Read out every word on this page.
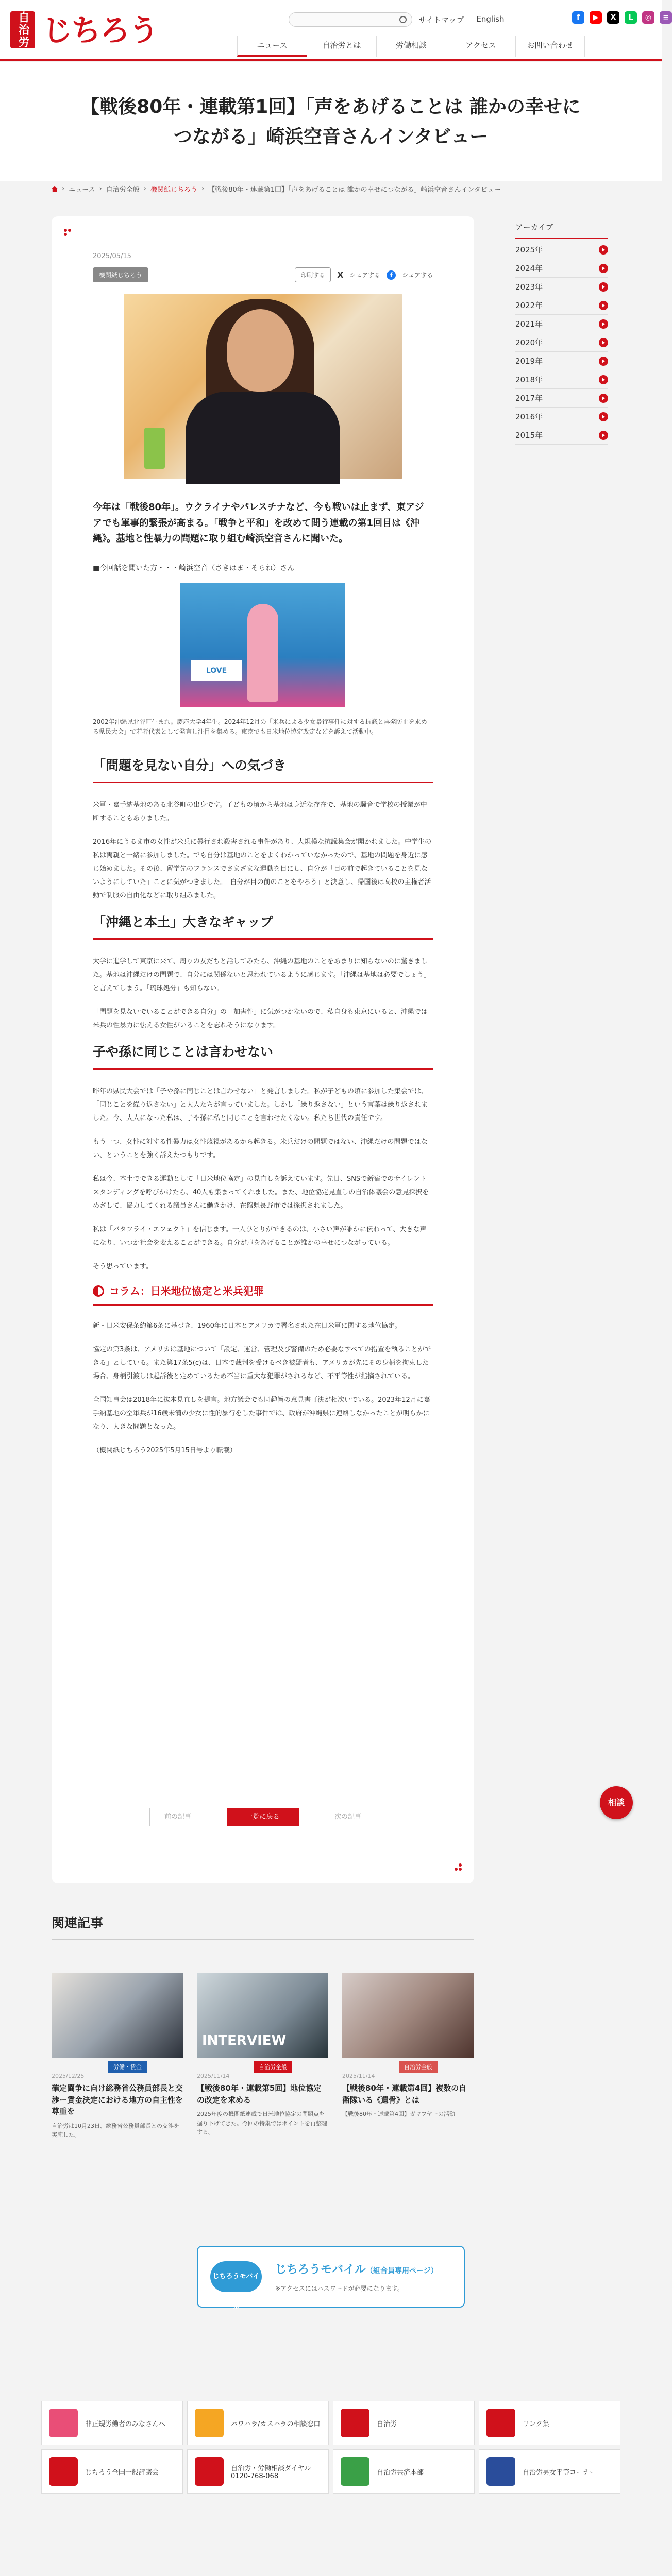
自治労 じちろう	サイトマップ English	f	▶	X	L	◎	≡
ニュース	自治労とは	労働相談	アクセス	お問い合わせ
【戦後80年・連載第1回】「声をあげることは 誰かの幸せにつながる」崎浜空音さんインタビュー
› ニュース › 自治労全般 › 機関紙じちろう › 【戦後80年・連載第1回】「声をあげることは 誰かの幸せにつながる」崎浜空音さんインタビュー
2025/05/15
機関紙じちろう	印刷する	X シェアする	f	シェアする

今年は「戦後80年」。ウクライナやパレスチナなど、今も戦いは止まず、東アジアでも軍事的緊張が高まる。「戦争と平和」を改めて問う連載の第1回目は《沖縄》。基地と性暴力の問題に取り組む崎浜空音さんに聞いた。

■今回話を聞いた方・・・崎浜空音（さきはま・そらね）さん

LOVE

2002年沖縄県北谷町生まれ。慶応大学4年生。2024年12月の「米兵による少女暴行事件に対する抗議と再発防止を求める県民大会」で若者代表として発言し注目を集める。東京でも日米地位協定改定などを訴えて活動中。

「問題を見ない自分」への気づき

米軍・嘉手納基地のある北谷町の出身です。子どもの頃から基地は身近な存在で、基地の騒音で学校の授業が中断することもありました。

2016年にうるま市の女性が米兵に暴行され殺害される事件があり、大規模な抗議集会が開かれました。中学生の私は両親と一緒に参加しました。でも自分は基地のことをよくわかっていなかったので、基地の問題を身近に感じ始めました。その後、留学先のフランスでさまざまな運動を目にし、自分が「目の前で起きていることを見ないようにしていた」ことに気がつきました。「自分が目の前のことをやろう」と決意し、帰国後は高校の主権者活動で制服の自由化などに取り組みました。

「沖縄と本土」大きなギャップ

大学に進学して東京に来て、周りの友だちと話してみたら、沖縄の基地のことをあまりに知らないのに驚きました。基地は沖縄だけの問題で、自分には関係ないと思われているように感じます。「沖縄は基地は必要でしょう」と言えてしまう。「琉球処分」も知らない。

「問題を見ないでいることができる自分」の「加害性」に気がつかないので、私自身も東京にいると、沖縄では米兵の性暴力に怯える女性がいることを忘れそうになります。

子や孫に同じことは言わせない

昨年の県民大会では「子や孫に同じことは言わせない」と発言しました。私が子どもの頃に参加した集会では、「同じことを繰り返さない」と大人たちが言っていました。しかし「繰り返さない」という言葉は繰り返されました。今、大人になった私は、子や孫に私と同じことを言わせたくない。私たち世代の責任です。

もう一つ、女性に対する性暴力は女性蔑視があるから起きる。米兵だけの問題ではない、沖縄だけの問題ではない、ということを強く訴えたつもりです。

私は今、本土でできる運動として「日米地位協定」の見直しを訴えています。先日、SNSで新宿でのサイレントスタンディングを呼びかけたら、40人も集まってくれました。また、地位協定見直しの自治体議会の意見採択をめざして、協力してくれる議員さんに働きかけ、在館県長野市では採択されました。

私は「バタフライ・エフェクト」を信じます。一人ひとりができるのは、小さい声が誰かに伝わって、大きな声になり、いつか社会を変えることができる。自分が声をあげることが誰かの幸せにつながっている。

そう思っています。

コラム：日米地位協定と米兵犯罪

新・日米安保条約第6条に基づき、1960年に日本とアメリカで署名された在日米軍に関する地位協定。

協定の第3条は、アメリカは基地について「設定、運営、管理及び警備のため必要なすべての措置を執ることができる」としている。また第17条5(c)は、日本で裁判を受けるべき被疑者も、アメリカが先にその身柄を拘束した場合、身柄引渡しは起訴後と定めているため不当に重大な犯罪がされるなど、不平等性が指摘されている。

全国知事会は2018年に抜本見直しを提言。地方議会でも同趣旨の意見書可決が相次いでいる。2023年12月に嘉手納基地の空軍兵が16歳未満の少女に性的暴行をした事件では、政府が沖縄県に連絡しなかったことが明らかになり、大きな問題となった。

（機関紙じちろう2025年5月15日号より転載）

前の記事	一覧に戻る	次の記事
アーカイブ
2025年
2024年
2023年
2022年
2021年
2020年
2019年
2018年
2017年
2016年
2015年
相談
関連記事
労働・賃金
2025/12/25
確定闘争に向け総務省公務員部長と交渉ー賃金決定における地方の自主性を尊重を
自治労は10月23日、総務省公務員部長との交渉を実施した。
INTERVIEW
自治労全般
2025/11/14
【戦後80年・連載第5回】地位協定の改定を求める
2025年度の機関紙連載で日米地位協定の問題点を掘り下げてきた。今回の特集ではポイントを再整理する。
自治労全般
2025/11/14
【戦後80年・連載第4回】複数の自衛隊いる《遺骨》とは
【戦後80年・連載第4回】ガマフヤーの活動
じちろうモバイル
じちろうモバイル（組合員専用ページ）
※アクセスにはパスワードが必要になります。
非正規労働者のみなさんへ	パワハラ/カスハラの相談窓口	自治労	リンク集
じちろう全国一般評議会	自治労・労働相談ダイヤル 0120-768-068	自治労共済本部	自治労男女平等コーナー
